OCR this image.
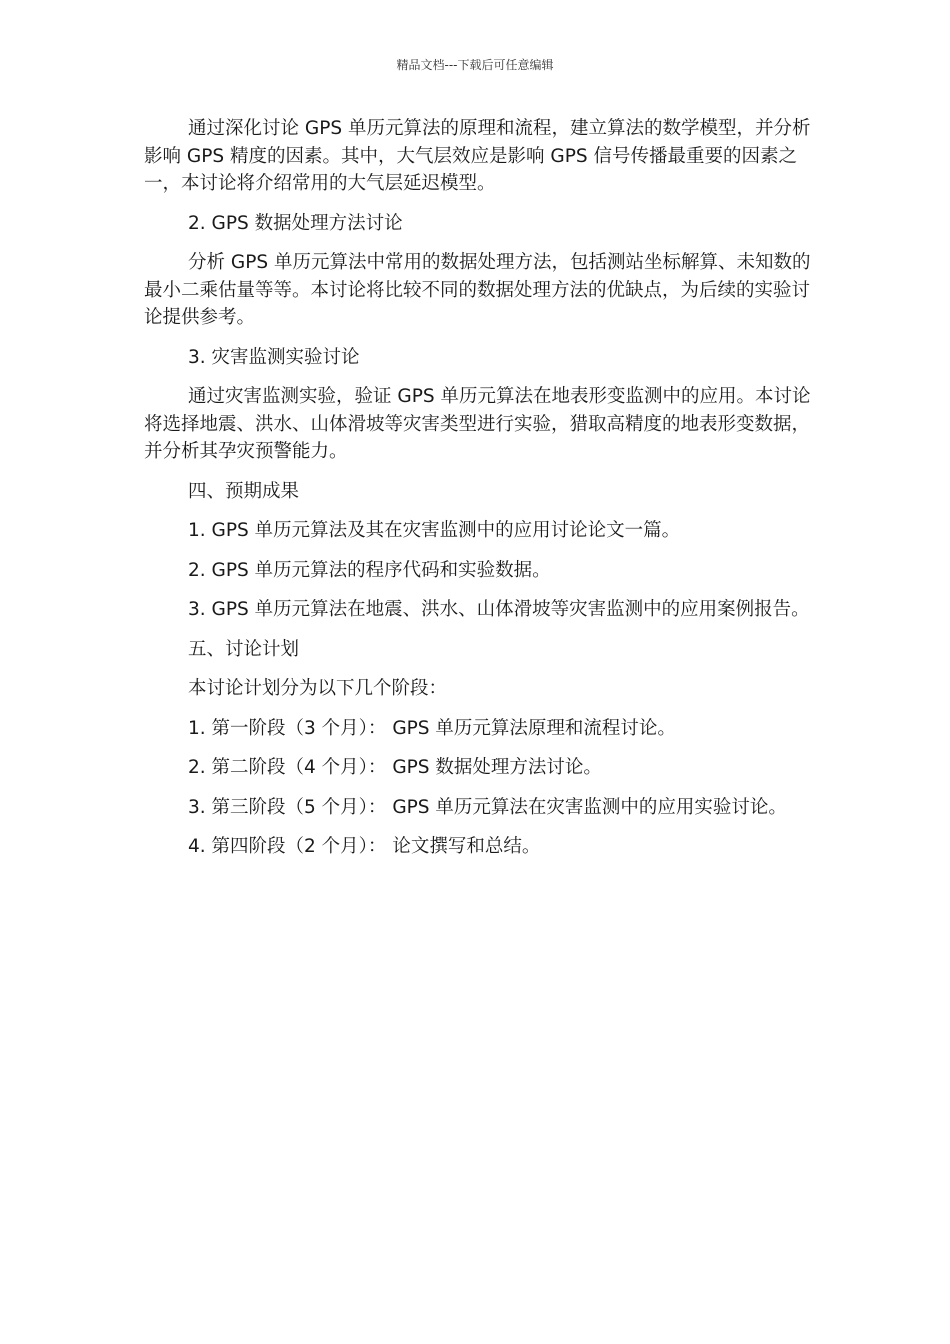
精品文档---下载后可任意编辑

通过深化讨论 GPS 单历元算法的原理和流程，建立算法的数学模型，并分析影响 GPS 精度的因素。其中，大气层效应是影响 GPS 信号传播最重要的因素之一，本讨论将介绍常用的大气层延迟模型。

2. GPS 数据处理方法讨论

分析 GPS 单历元算法中常用的数据处理方法，包括测站坐标解算、未知数的最小二乘估量等等。本讨论将比较不同的数据处理方法的优缺点，为后续的实验讨论提供参考。

3. 灾害监测实验讨论

通过灾害监测实验，验证 GPS 单历元算法在地表形变监测中的应用。本讨论将选择地震、洪水、山体滑坡等灾害类型进行实验，猎取高精度的地表形变数据，并分析其孕灾预警能力。

四、预期成果

1. GPS 单历元算法及其在灾害监测中的应用讨论论文一篇。

2. GPS 单历元算法的程序代码和实验数据。

3. GPS 单历元算法在地震、洪水、山体滑坡等灾害监测中的应用案例报告。

五、讨论计划

本讨论计划分为以下几个阶段：

1. 第一阶段（3 个月）： GPS 单历元算法原理和流程讨论。

2. 第二阶段（4 个月）： GPS 数据处理方法讨论。

3. 第三阶段（5 个月）： GPS 单历元算法在灾害监测中的应用实验讨论。

4. 第四阶段（2 个月）： 论文撰写和总结。
